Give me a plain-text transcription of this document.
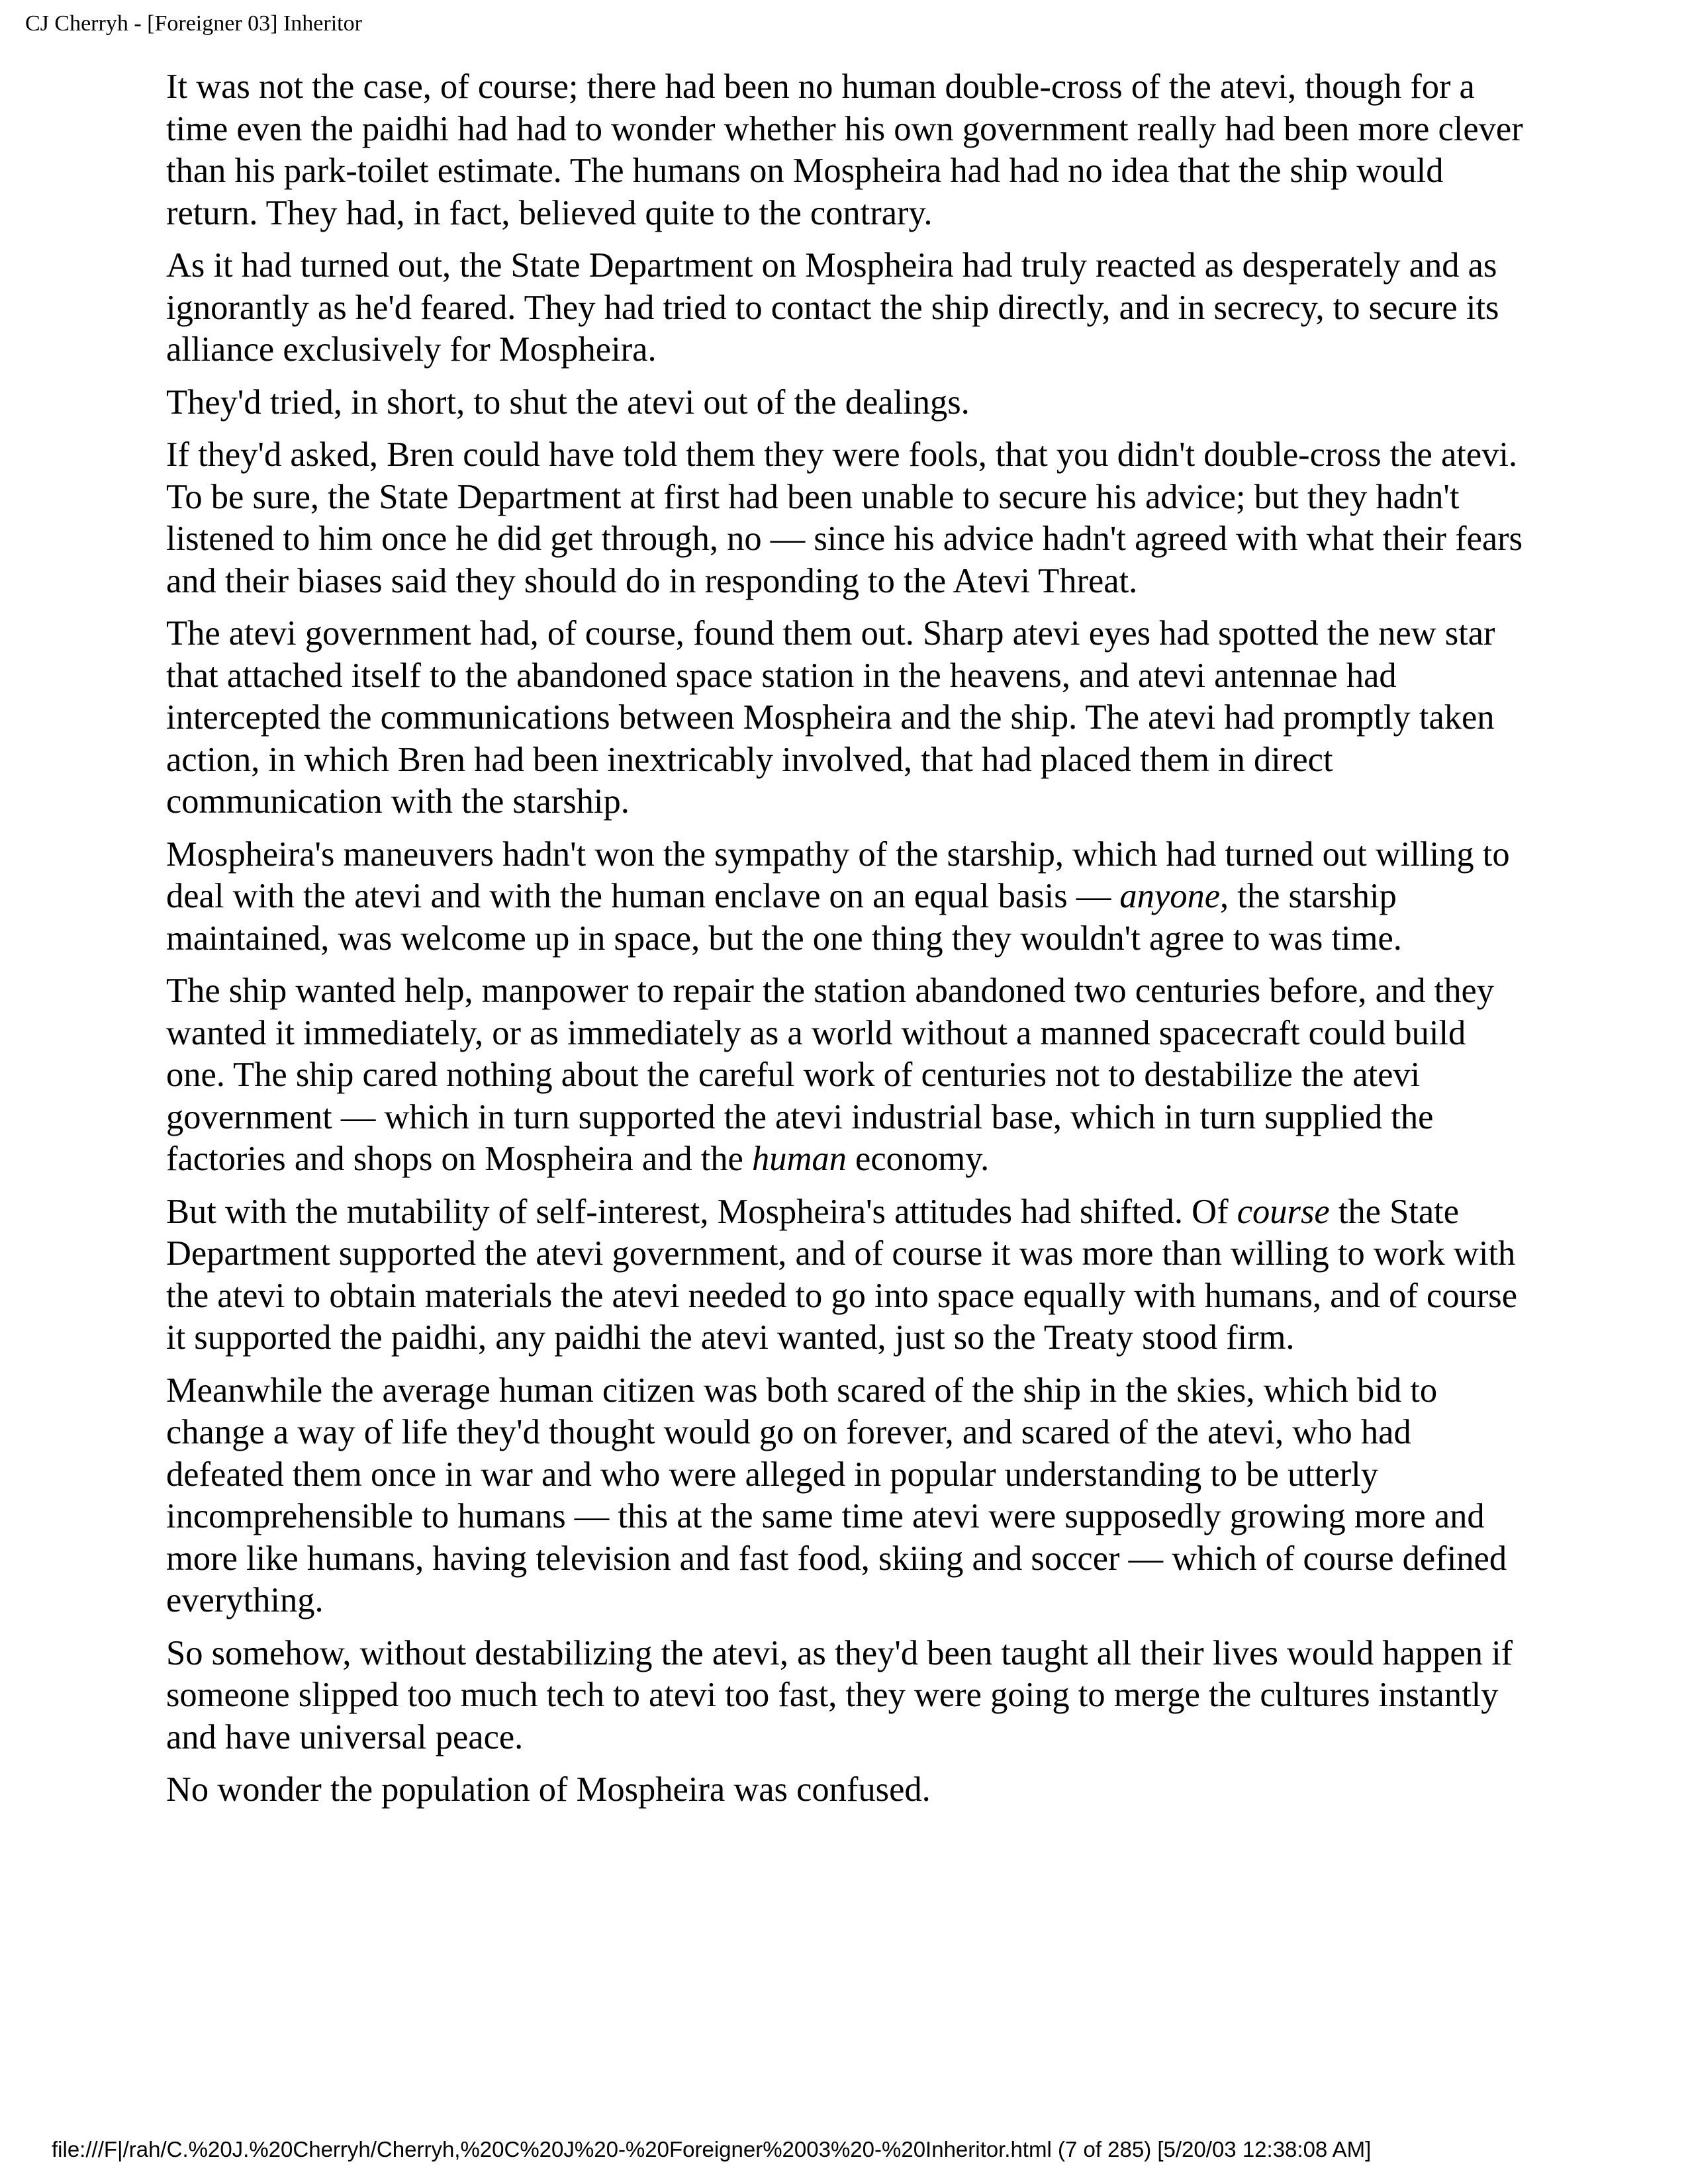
CJ Cherryh - [Foreigner 03] Inheritor

It was not the case, of course; there had been no human double-cross of the atevi, though for a time even the paidhi had had to wonder whether his own government really had been more clever than his park-toilet estimate. The humans on Mospheira had had no idea that the ship would return. They had, in fact, believed quite to the contrary.

As it had turned out, the State Department on Mospheira had truly reacted as desperately and as ignorantly as he'd feared. They had tried to contact the ship directly, and in secrecy, to secure its alliance exclusively for Mospheira.

They'd tried, in short, to shut the atevi out of the dealings.

If they'd asked, Bren could have told them they were fools, that you didn't double-cross the atevi. To be sure, the State Department at first had been unable to secure his advice; but they hadn't listened to him once he did get through, no — since his advice hadn't agreed with what their fears and their biases said they should do in responding to the Atevi Threat.

The atevi government had, of course, found them out. Sharp atevi eyes had spotted the new star that attached itself to the abandoned space station in the heavens, and atevi antennae had intercepted the communications between Mospheira and the ship. The atevi had promptly taken action, in which Bren had been inextricably involved, that had placed them in direct communication with the starship.

Mospheira's maneuvers hadn't won the sympathy of the starship, which had turned out willing to deal with the atevi and with the human enclave on an equal basis — anyone, the starship maintained, was welcome up in space, but the one thing they wouldn't agree to was time.

The ship wanted help, manpower to repair the station abandoned two centuries before, and they wanted it immediately, or as immediately as a world without a manned spacecraft could build one. The ship cared nothing about the careful work of centuries not to destabilize the atevi government — which in turn supported the atevi industrial base, which in turn supplied the factories and shops on Mospheira and the human economy.

But with the mutability of self-interest, Mospheira's attitudes had shifted. Of course the State Department supported the atevi government, and of course it was more than willing to work with the atevi to obtain materials the atevi needed to go into space equally with humans, and of course it supported the paidhi, any paidhi the atevi wanted, just so the Treaty stood firm.

Meanwhile the average human citizen was both scared of the ship in the skies, which bid to change a way of life they'd thought would go on forever, and scared of the atevi, who had defeated them once in war and who were alleged in popular understanding to be utterly incomprehensible to humans — this at the same time atevi were supposedly growing more and more like humans, having television and fast food, skiing and soccer — which of course defined everything.

So somehow, without destabilizing the atevi, as they'd been taught all their lives would happen if someone slipped too much tech to atevi too fast, they were going to merge the cultures instantly and have universal peace.

No wonder the population of Mospheira was confused.

file:///F|/rah/C.%20J.%20Cherryh/Cherryh,%20C%20J%20-%20Foreigner%2003%20-%20Inheritor.html (7 of 285) [5/20/03 12:38:08 AM]
